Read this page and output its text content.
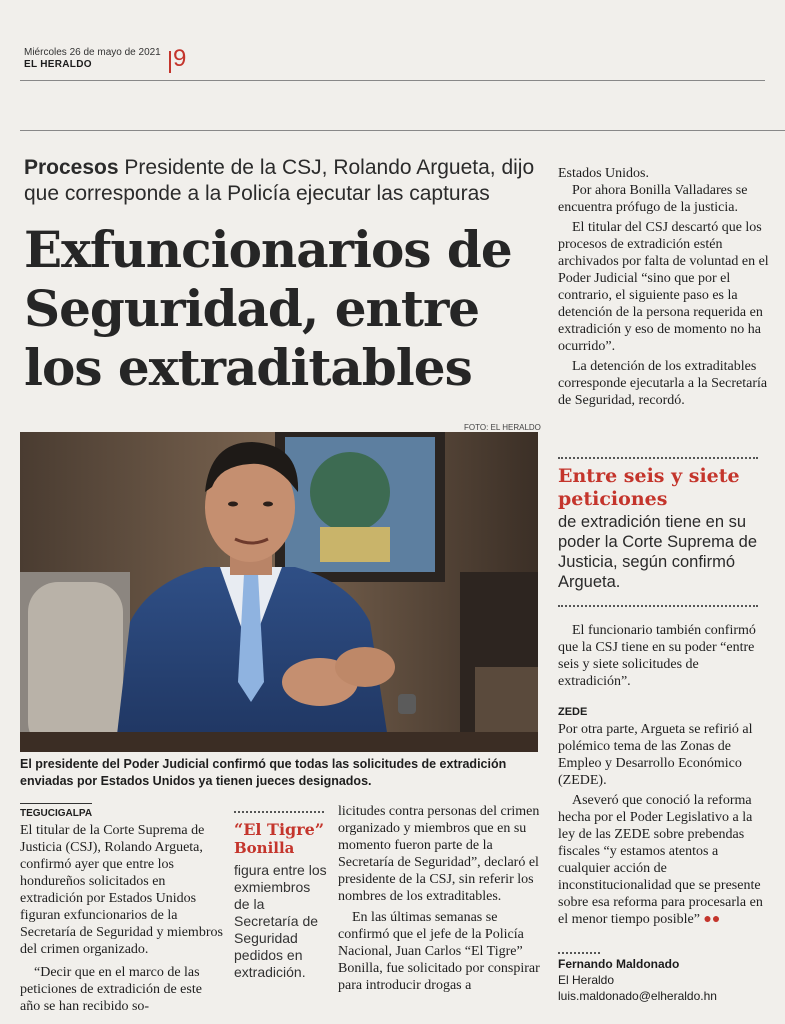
Miércoles 26 de mayo de 2021
EL HERALDO	9
Procesos Presidente de la CSJ, Rolando Argueta, dijo que corresponde a la Policía ejecutar las capturas
Exfuncionarios de Seguridad, entre los extraditables
FOTO: EL HERALDO
El presidente del Poder Judicial confirmó que todas las solicitudes de extradición enviadas por Estados Unidos ya tienen jueces designados.

TEGUCIGALPA
El titular de la Corte Suprema de Justicia (CSJ), Rolando Argueta, confirmó ayer que entre los hondureños solicitados en extradición por Estados Unidos figuran exfuncionarios de la Secretaría de Seguridad y miembros del crimen organizado.

“Decir que en el marco de las peticiones de extradición de este año se han recibido so-

“El Tigre”
Bonilla
figura entre los exmiembros de la Secretaría de Seguridad pedidos en extradición.

licitudes contra personas del crimen organizado y miembros que en su momento fueron parte de la Secretaría de Seguridad”, declaró el presidente de la CSJ, sin referir los nombres de los extraditables.

En las últimas semanas se confirmó que el jefe de la Policía Nacional, Juan Carlos “El Tigre” Bonilla, fue solicitado por conspirar para introducir drogas a

Estados Unidos.

Por ahora Bonilla Valladares se encuentra prófugo de la justicia.

El titular del CSJ descartó que los procesos de extradición estén archivados por falta de voluntad en el Poder Judicial “sino que por el contrario, el siguiente paso es la detención de la persona requerida en extradición y eso de momento no ha ocurrido”.

La detención de los extraditables corresponde ejecutarla a la Secretaría de Seguridad, recordó.

Entre seis y siete peticiones
de extradición tiene en su poder la Corte Suprema de Justicia, según confirmó Argueta.

El funcionario también confirmó que la CSJ tiene en su poder “entre seis y siete solicitudes de extradición”.

ZEDE

Por otra parte, Argueta se refirió al polémico tema de las Zonas de Empleo y Desarrollo Económico (ZEDE).

Aseveró que conoció la reforma hecha por el Poder Legislativo a la ley de las ZEDE sobre prebendas fiscales “y estamos atentos a cualquier acción de inconstitucionalidad que se presente sobre esa reforma para procesarla en el menor tiempo posible” ●●

Fernando Maldonado
El Heraldo
luis.maldonado@elheraldo.hn
